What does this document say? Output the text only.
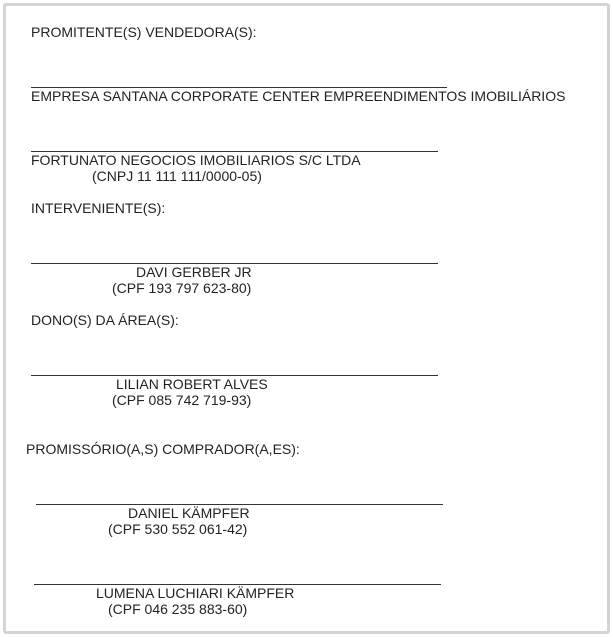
PROMITENTE(S) VENDEDORA(S):

EMPRESA SANTANA CORPORATE CENTER EMPREENDIMENTOS IMOBILIÁRIOS

FORTUNATO NEGOCIOS IMOBILIARIOS S/C LTDA

(CNPJ 11 111 111/0000-05)

INTERVENIENTE(S):

DAVI GERBER JR

(CPF 193 797 623-80)

DONO(S) DA ÁREA(S):

LILIAN ROBERT ALVES

(CPF 085 742 719-93)

PROMISSÓRIO(A,S) COMPRADOR(A,ES):

DANIEL KÄMPFER

(CPF 530 552 061-42)

LUMENA LUCHIARI KÄMPFER

(CPF 046 235 883-60)
